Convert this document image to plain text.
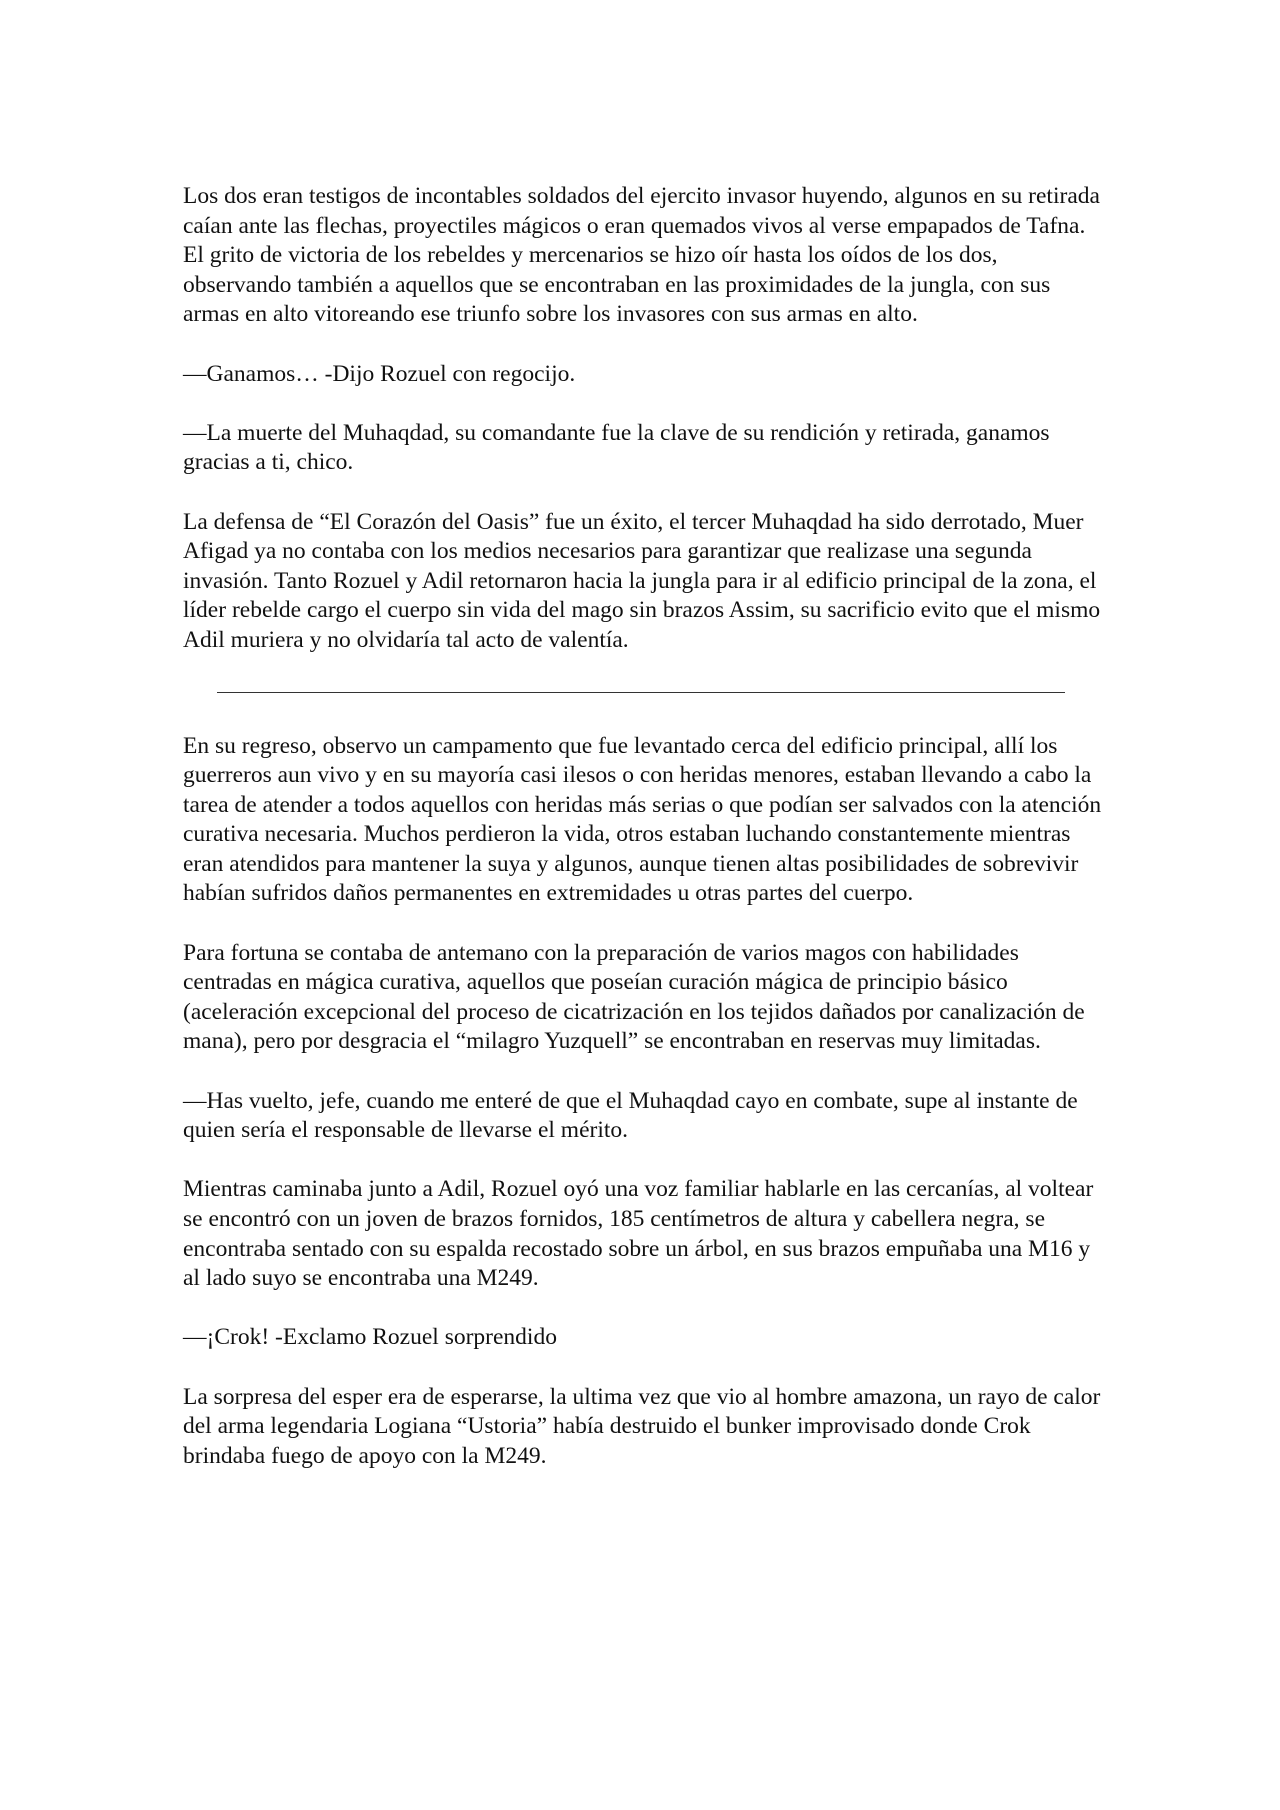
Los dos eran testigos de incontables soldados del ejercito invasor huyendo, algunos en su retirada caían ante las flechas, proyectiles mágicos o eran quemados vivos al verse empapados de Tafna. El grito de victoria de los rebeldes y mercenarios se hizo oír hasta los oídos de los dos, observando también a aquellos que se encontraban en las proximidades de la jungla, con sus armas en alto vitoreando ese triunfo sobre los invasores con sus armas en alto.

—Ganamos… -Dijo Rozuel con regocijo.

—La muerte del Muhaqdad, su comandante fue la clave de su rendición y retirada, ganamos gracias a ti, chico.

La defensa de “El Corazón del Oasis” fue un éxito, el tercer Muhaqdad ha sido derrotado, Muer Afigad ya no contaba con los medios necesarios para garantizar que realizase una segunda invasión. Tanto Rozuel y Adil retornaron hacia la jungla para ir al edificio principal de la zona, el líder rebelde cargo el cuerpo sin vida del mago sin brazos Assim, su sacrificio evito que el mismo Adil muriera y no olvidaría tal acto de valentía.

En su regreso, observo un campamento que fue levantado cerca del edificio principal, allí los guerreros aun vivo y en su mayoría casi ilesos o con heridas menores, estaban llevando a cabo la tarea de atender a todos aquellos con heridas más serias o que podían ser salvados con la atención curativa necesaria. Muchos perdieron la vida, otros estaban luchando constantemente mientras eran atendidos para mantener la suya y algunos, aunque tienen altas posibilidades de sobrevivir habían sufridos daños permanentes en extremidades u otras partes del cuerpo.

Para fortuna se contaba de antemano con la preparación de varios magos con habilidades centradas en mágica curativa, aquellos que poseían curación mágica de principio básico (aceleración excepcional del proceso de cicatrización en los tejidos dañados por canalización de mana), pero por desgracia el “milagro Yuzquell” se encontraban en reservas muy limitadas.

—Has vuelto, jefe, cuando me enteré de que el Muhaqdad cayo en combate, supe al instante de quien sería el responsable de llevarse el mérito.

Mientras caminaba junto a Adil, Rozuel oyó una voz familiar hablarle en las cercanías, al voltear se encontró con un joven de brazos fornidos, 185 centímetros de altura y cabellera negra, se encontraba sentado con su espalda recostado sobre un árbol, en sus brazos empuñaba una M16 y al lado suyo se encontraba una M249.

—¡Crok! -Exclamo Rozuel sorprendido

La sorpresa del esper era de esperarse, la ultima vez que vio al hombre amazona, un rayo de calor del arma legendaria Logiana “Ustoria” había destruido el bunker improvisado donde Crok brindaba fuego de apoyo con la M249.
